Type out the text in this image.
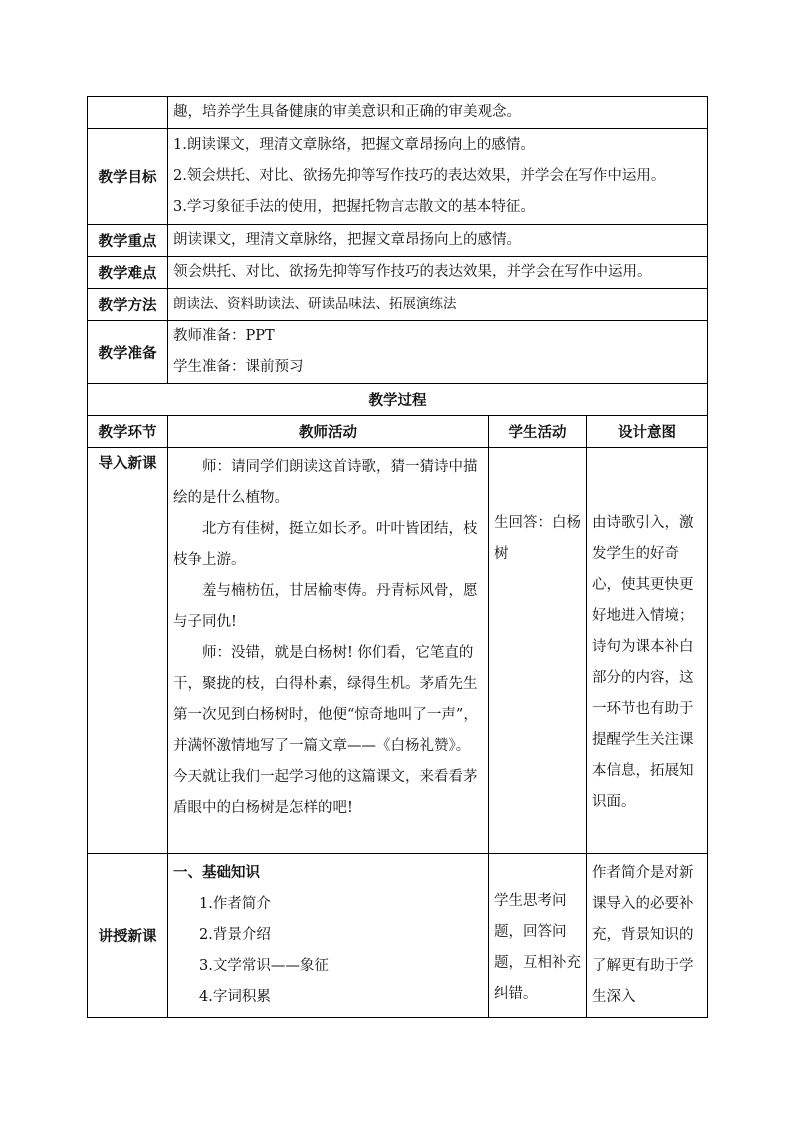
	趣，培养学生具备健康的审美意识和正确的审美观念。		
教学目标	1.朗读课文，理清文章脉络，把握文章昂扬向上的感情。
2.领会烘托、对比、欲扬先抑等写作技巧的表达效果，并学会在写作中运用。
3.学习象征手法的使用，把握托物言志散文的基本特征。		

教学重点	朗读课文，理清文章脉络，把握文章昂扬向上的感情。		
教学难点	领会烘托、对比、欲扬先抑等写作技巧的表达效果，并学会在写作中运用。		
教学方法	朗读法、资料助读法、研读品味法、拓展演练法		
教学准备	教师准备：PPT
学生准备：课前预习		

教学过程			
教学环节	教师活动	学生活动	设计意图
导入新课	师：请同学们朗读这首诗歌，猜一猜诗中描绘的是什么植物。

北方有佳树，挺立如长矛。叶叶皆团结，枝枝争上游。

羞与楠枋伍，甘居榆枣俦。丹青标风骨，愿与子同仇!

师：没错，就是白杨树! 你们看，它笔直的干，聚拢的枝，白得朴素，绿得生机。茅盾先生第一次见到白杨树时，他便“惊奇地叫了一声”，并满怀激情地写了一篇文章——《白杨礼赞》。今天就让我们一起学习他的这篇课文，来看看茅盾眼中的白杨树是怎样的吧!	生回答：白杨树	由诗歌引入，激发学生的好奇心，使其更快更好地进入情境；诗句为课本补白部分的内容，这一环节也有助于提醒学生关注课本信息，拓展知识面。

讲授新课	一、基础知识
1.作者简介
2.背景介绍
3.文学常识——象征
4.字词积累	学生思考问题，回答问题，互相补充纠错。	作者简介是对新课导入的必要补充，背景知识的了解更有助于学生深入
